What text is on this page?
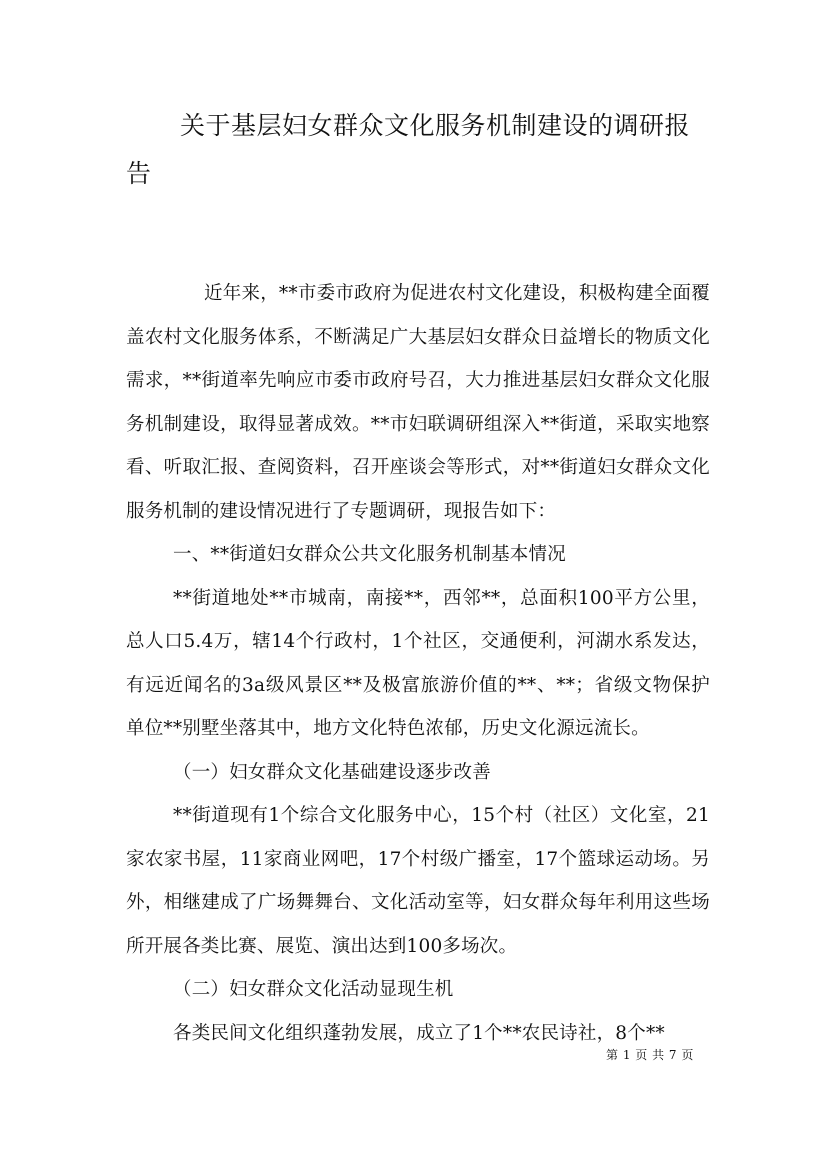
关于基层妇女群众文化服务机制建设的调研报告

近年来，**市委市政府为促进农村文化建设，积极构建全面覆盖农村文化服务体系，不断满足广大基层妇女群众日益增长的物质文化需求，**街道率先响应市委市政府号召，大力推进基层妇女群众文化服务机制建设，取得显著成效。**市妇联调研组深入**街道，采取实地察看、听取汇报、查阅资料，召开座谈会等形式，对**街道妇女群众文化服务机制的建设情况进行了专题调研，现报告如下：

一、**街道妇女群众公共文化服务机制基本情况

**街道地处**市城南，南接**，西邻**，总面积100平方公里，总人口5.4万，辖14个行政村，1个社区，交通便利，河湖水系发达，有远近闻名的3a级风景区**及极富旅游价值的**、**；省级文物保护单位**别墅坐落其中，地方文化特色浓郁，历史文化源远流长。

（一）妇女群众文化基础建设逐步改善

**街道现有1个综合文化服务中心，15个村（社区）文化室，21家农家书屋，11家商业网吧，17个村级广播室，17个篮球运动场。另外，相继建成了广场舞舞台、文化活动室等，妇女群众每年利用这些场所开展各类比赛、展览、演出达到100多场次。

（二）妇女群众文化活动显现生机

各类民间文化组织蓬勃发展，成立了1个**农民诗社，8个**

第 1 页 共 7 页
